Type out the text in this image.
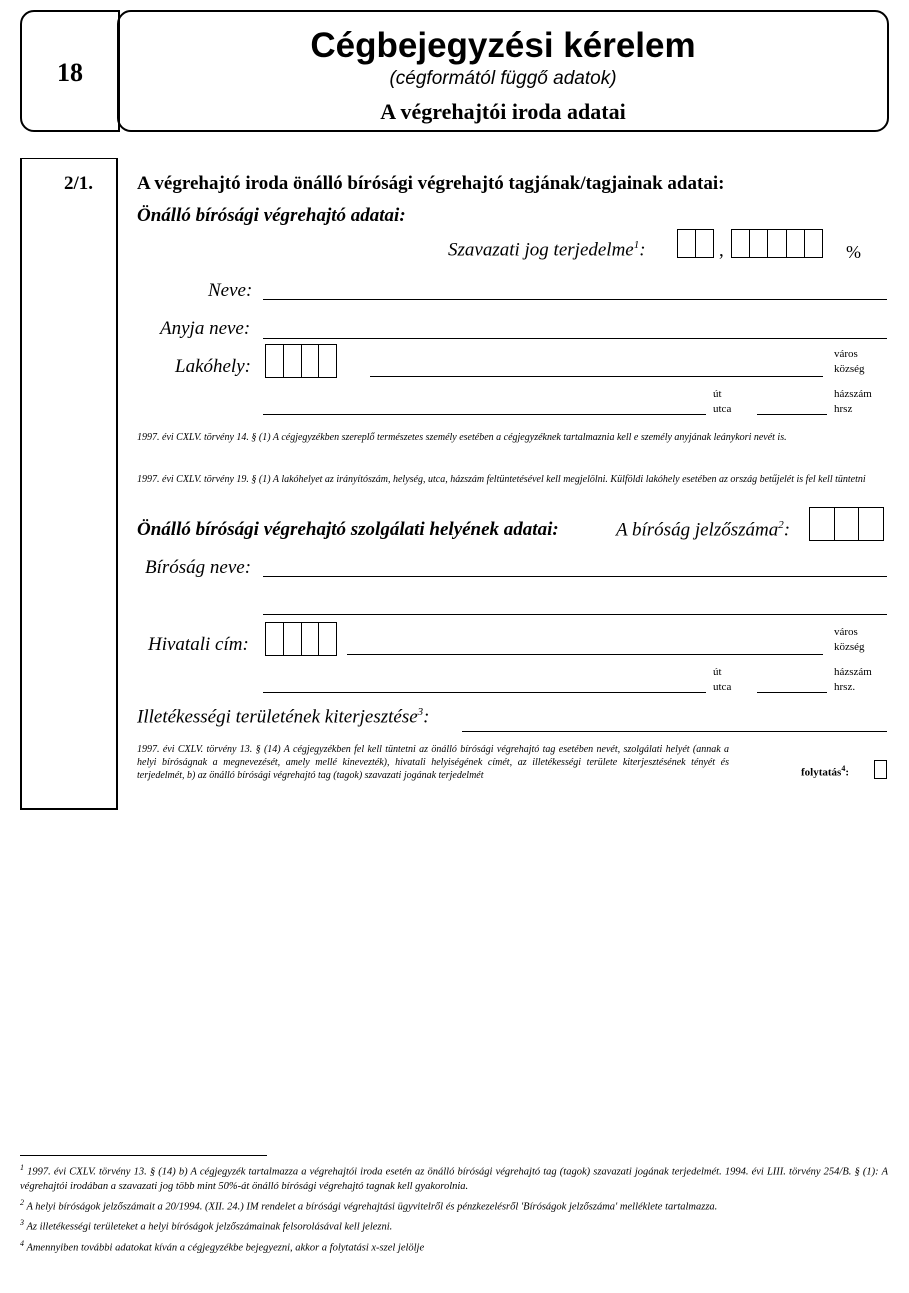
18
Cégbejegyzési kérelem
(cégformától függő adatok)
A végrehajtói iroda adatai
2/1. A végrehajtó iroda önálló bírósági végrehajtó tagjának/tagjainak adatai:
Önálló bírósági végrehajtó adatai:
Szavazati jog terjedelme$^1$:	,	%
Neve:
Anyja neve:
Lakóhely:
város
község
út
utca
házszám
hrsz
1997. évi CXLV. törvény 14. § (1) A cégjegyzékben szereplő természetes személy esetében a cégjegyzéknek tartalmaznia kell e személy anyjának leánykori nevét is.
1997. évi CXLV. törvény 19. § (1) A lakóhelyet az irányítószám, helység, utca, házszám feltüntetésével kell megjelölni. Külföldi lakóhely esetében az ország betűjelét is fel kell tüntetni
Önálló bírósági végrehajtó szolgálati helyének adatai:	A bíróság jelzőszáma$^2$:
Bíróság neve:
Hivatali cím:
város
község
út
utca
házszám
hrsz.
Illetékességi területének kiterjesztése$^3$:
1997. évi CXLV. törvény 13. § (14) A cégjegyzékben fel kell tüntetni az önálló bírósági végrehajtó tag esetében nevét, szolgálati helyét (annak a helyi bíróságnak a megnevezését, amely mellé kinevezték), hivatali helyiségének címét, az illetékességi területe kiterjesztésének tényét és terjedelmét, b) az önálló bírósági végrehajtó tag (tagok) szavazati jogának terjedelmét	folytatás$^4$:
$^1$ 1997. évi CXLV. törvény 13. § (14) b) A cégjegyzék tartalmazza a végrehajtói iroda esetén az önálló bírósági végrehajtó tag (tagok) szavazati jogának terjedelmét. 1994. évi LIII. törvény 254/B. § (1): A végrehajtói irodában a szavazati jog több mint 50%-át önálló bírósági végrehajtó tagnak kell gyakorolnia.
$^2$ A helyi bíróságok jelzőszámait a 20/1994. (XII. 24.) IM rendelet a bírósági végrehajtási ügyvitelről és pénzkezelésről 'Bíróságok jelzőszáma' melléklete tartalmazza.
$^3$ Az illetékességi területeket a helyi bíróságok jelzőszámainak felsorolásával kell jelezni.
$^4$ Amennyiben további adatokat kíván a cégjegyzékbe bejegyezni, akkor a folytatási x-szel jelölje
